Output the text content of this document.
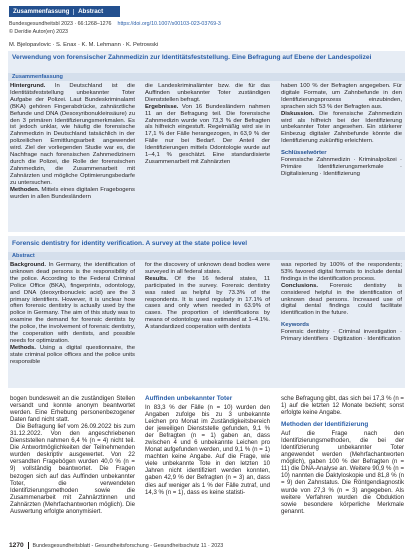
Zusammenfassung	Abstract
Bundesgesundheitsbl 2023 · 66:1268–1276 https://doi.org/10.1007/s00103-023-03769-3
© Der/die Autor(en) 2023
M. Bjelopavlovic · S. Enax · K. M. Lehmann · K. Petrowski
Verwendung von forensischer Zahnmedizin zur Identitätsfeststellung. Eine Befragung auf Ebene der Landespolizei
Zusammenfassung

Hintergrund. In Deutschland ist die Identitätsfeststellung unbekannter Toter Aufgabe der Polizei. Laut Bundeskriminalamt (BKA) gehören Fingerabdrücke, zahnärztliche Befunde und DNA (Desoxyribonukleinsäure) zu den 3 primären Identifizierungsmerkmalen. Es ist jedoch unklar, wie häufig die forensische Zahnmedizin in Deutschland tatsächlich in der polizeilichen Ermittlungsarbeit angewendet wird. Ziel der vorliegenden Studie war es, die Nachfrage nach forensischen Zahnmedizinern durch die Polizei, die Rolle der forensischen Zahnmedizin, die Zusammenarbeit mit Zahnärzten und mögliche Optimierungsbedarfe zu untersuchen.

Methoden. Mittels eines digitalen Fragebogens wurden in allen Bundesländern

die Landeskriminalämter bzw. die für das Auffinden unbekannter Toter zuständigen Dienststellen befragt.

Ergebnisse. Von 16 Bundesländern nahmen 11 an der Befragung teil. Die forensische Zahnmedizin wurde von 73,3 % der Befragten als hilfreich eingestuft. Regelmäßig wird sie in 17,1 % der Fälle herangezogen, in 63,9 % der Fälle nur bei Bedarf. Der Anteil der Identifizierungen mittels Odontologie wurde auf 1–4,1 % geschätzt. Eine standardisierte Zusammenarbeit mit Zahnärzten

haben 100 % der Befragten angegeben. Für digitale Formate, um Zahnbefunde in den Identifizierungsprozess einzubinden, sprachen sich 53 % der Befragten aus.

Diskussion. Die forensische Zahnmedizin wird als hilfreich bei der Identifizierung unbekannter Toter angesehen. Ein stärkerer Einbezug digitaler Zahnbefunde könnte die Identifizierung zukünftig erleichtern.

Schlüsselwörter

Forensische Zahnmedizin · Kriminalpolizei · Primäre Identifizierungsmerkmale · Digitalisierung · Identifizierung

Forensic dentistry for identity verification. A survey at the state police level
Abstract

Background. In Germany, the identification of unknown dead persons is the responsibility of the police. According to the Federal Criminal Police Office (BKA), fingerprints, odontology, and DNA (deoxyribonucleic acid) are the 3 primary identifiers. However, it is unclear how often forensic dentistry is actually used by the police in Germany. The aim of this study was to examine the demand for forensic dentists by the police, the involvement of forensic dentistry, the cooperation with dentists, and possible needs for optimization.

Methods. Using a digital questionnaire, the state criminal police offices and the police units responsible

for the discovery of unknown dead bodies were surveyed in all federal states.

Results. Of the 16 federal states, 11 participated in the survey. Forensic dentistry was rated as helpful by 73.3% of the respondents. It is used regularly in 17.1% of cases and only when needed in 63.9% of cases. The proportion of identifications by means of odontology was estimated at 1–4.1%. A standardized cooperation with dentists

was reported by 100% of the respondents; 53% favored digital formats to include dental findings in the identification process.

Conclusions. Forensic dentistry is considered helpful in the identification of unknown dead persons. Increased use of digital dental findings could facilitate identification in the future.

Keywords

Forensic dentistry · Criminal investigation · Primary identifiers · Digitization · Identification

bogen bundesweit an die zuständigen Stellen versandt und konnte anonym beantwortet werden. Eine Erhebung personenbezogener Daten fand nicht statt.

Die Befragung lief vom 26.09.2022 bis zum 31.12.2022. Von den angeschriebenen Dienststellen nahmen 6,4 % (n = 4) nicht teil. Die Antwortmöglichkeiten der Teilnehmenden wurden deskriptiv ausgewertet. Von 22 versandten Fragebögen wurden 40,0 % (n = 9) vollständig beantwortet. Die Fragen bezogen sich auf das Auffinden unbekannter Toter, die verwendeten Identifizierungsmethoden sowie die Zusammenarbeit mit Zahnärztinnen und Zahnärzten (Mehrfachantworten möglich). Die Auswertung erfolgte anonymisiert.

Auffinden unbekannter Toter

In 83,3 % der Fälle (n = 10) wurden den Angaben zufolge bis zu 3 unbekannte Leichen pro Monat im Zuständigkeitsbereich der jeweiligen Dienststelle gefunden, 9,1 % der Befragten (n = 1) gaben an, dass zwischen 4 und 6 unbekannte Leichen pro Monat aufgefunden werden, und 9,1 % (n = 1) machten keine Angabe. Auf die Frage, wie viele unbekannte Tote in den letzten 10 Jahren nicht identifiziert werden konnten, gaben 42,9 % der Befragten (n = 3) an, dass dies auf weniger als 1 % der Fälle zutraf, und 14,3 % (n = 1), dass es keine statisti-

sche Befragung gibt, das sich bei 17,3 % (n = 1) auf die letzten 12 Monate bezieht; sonst erfolgte keine Angabe.

Methoden der Identifizierung

Auf die Frage nach den Identifizierungsmethoden, die bei der Identifizierung unbekannter Toter angewendet werden (Mehrfachantworten möglich), gaben 100 % der Befragten (n = 11) die DNA-Analyse an. Weitere 90,9 % (n = 10) nannten die Daktyloskopie und 81,8 % (n = 9) den Zahnstatus. Die Röntgendiagnostik wurde von 27,3 % (n = 3) angegeben. Als weitere Verfahren wurden die Obduktion sowie besondere körperliche Merkmale genannt.

1270 Bundesgesundheitsblatt - Gesundheitsforschung - Gesundheitsschutz 11 · 2023
